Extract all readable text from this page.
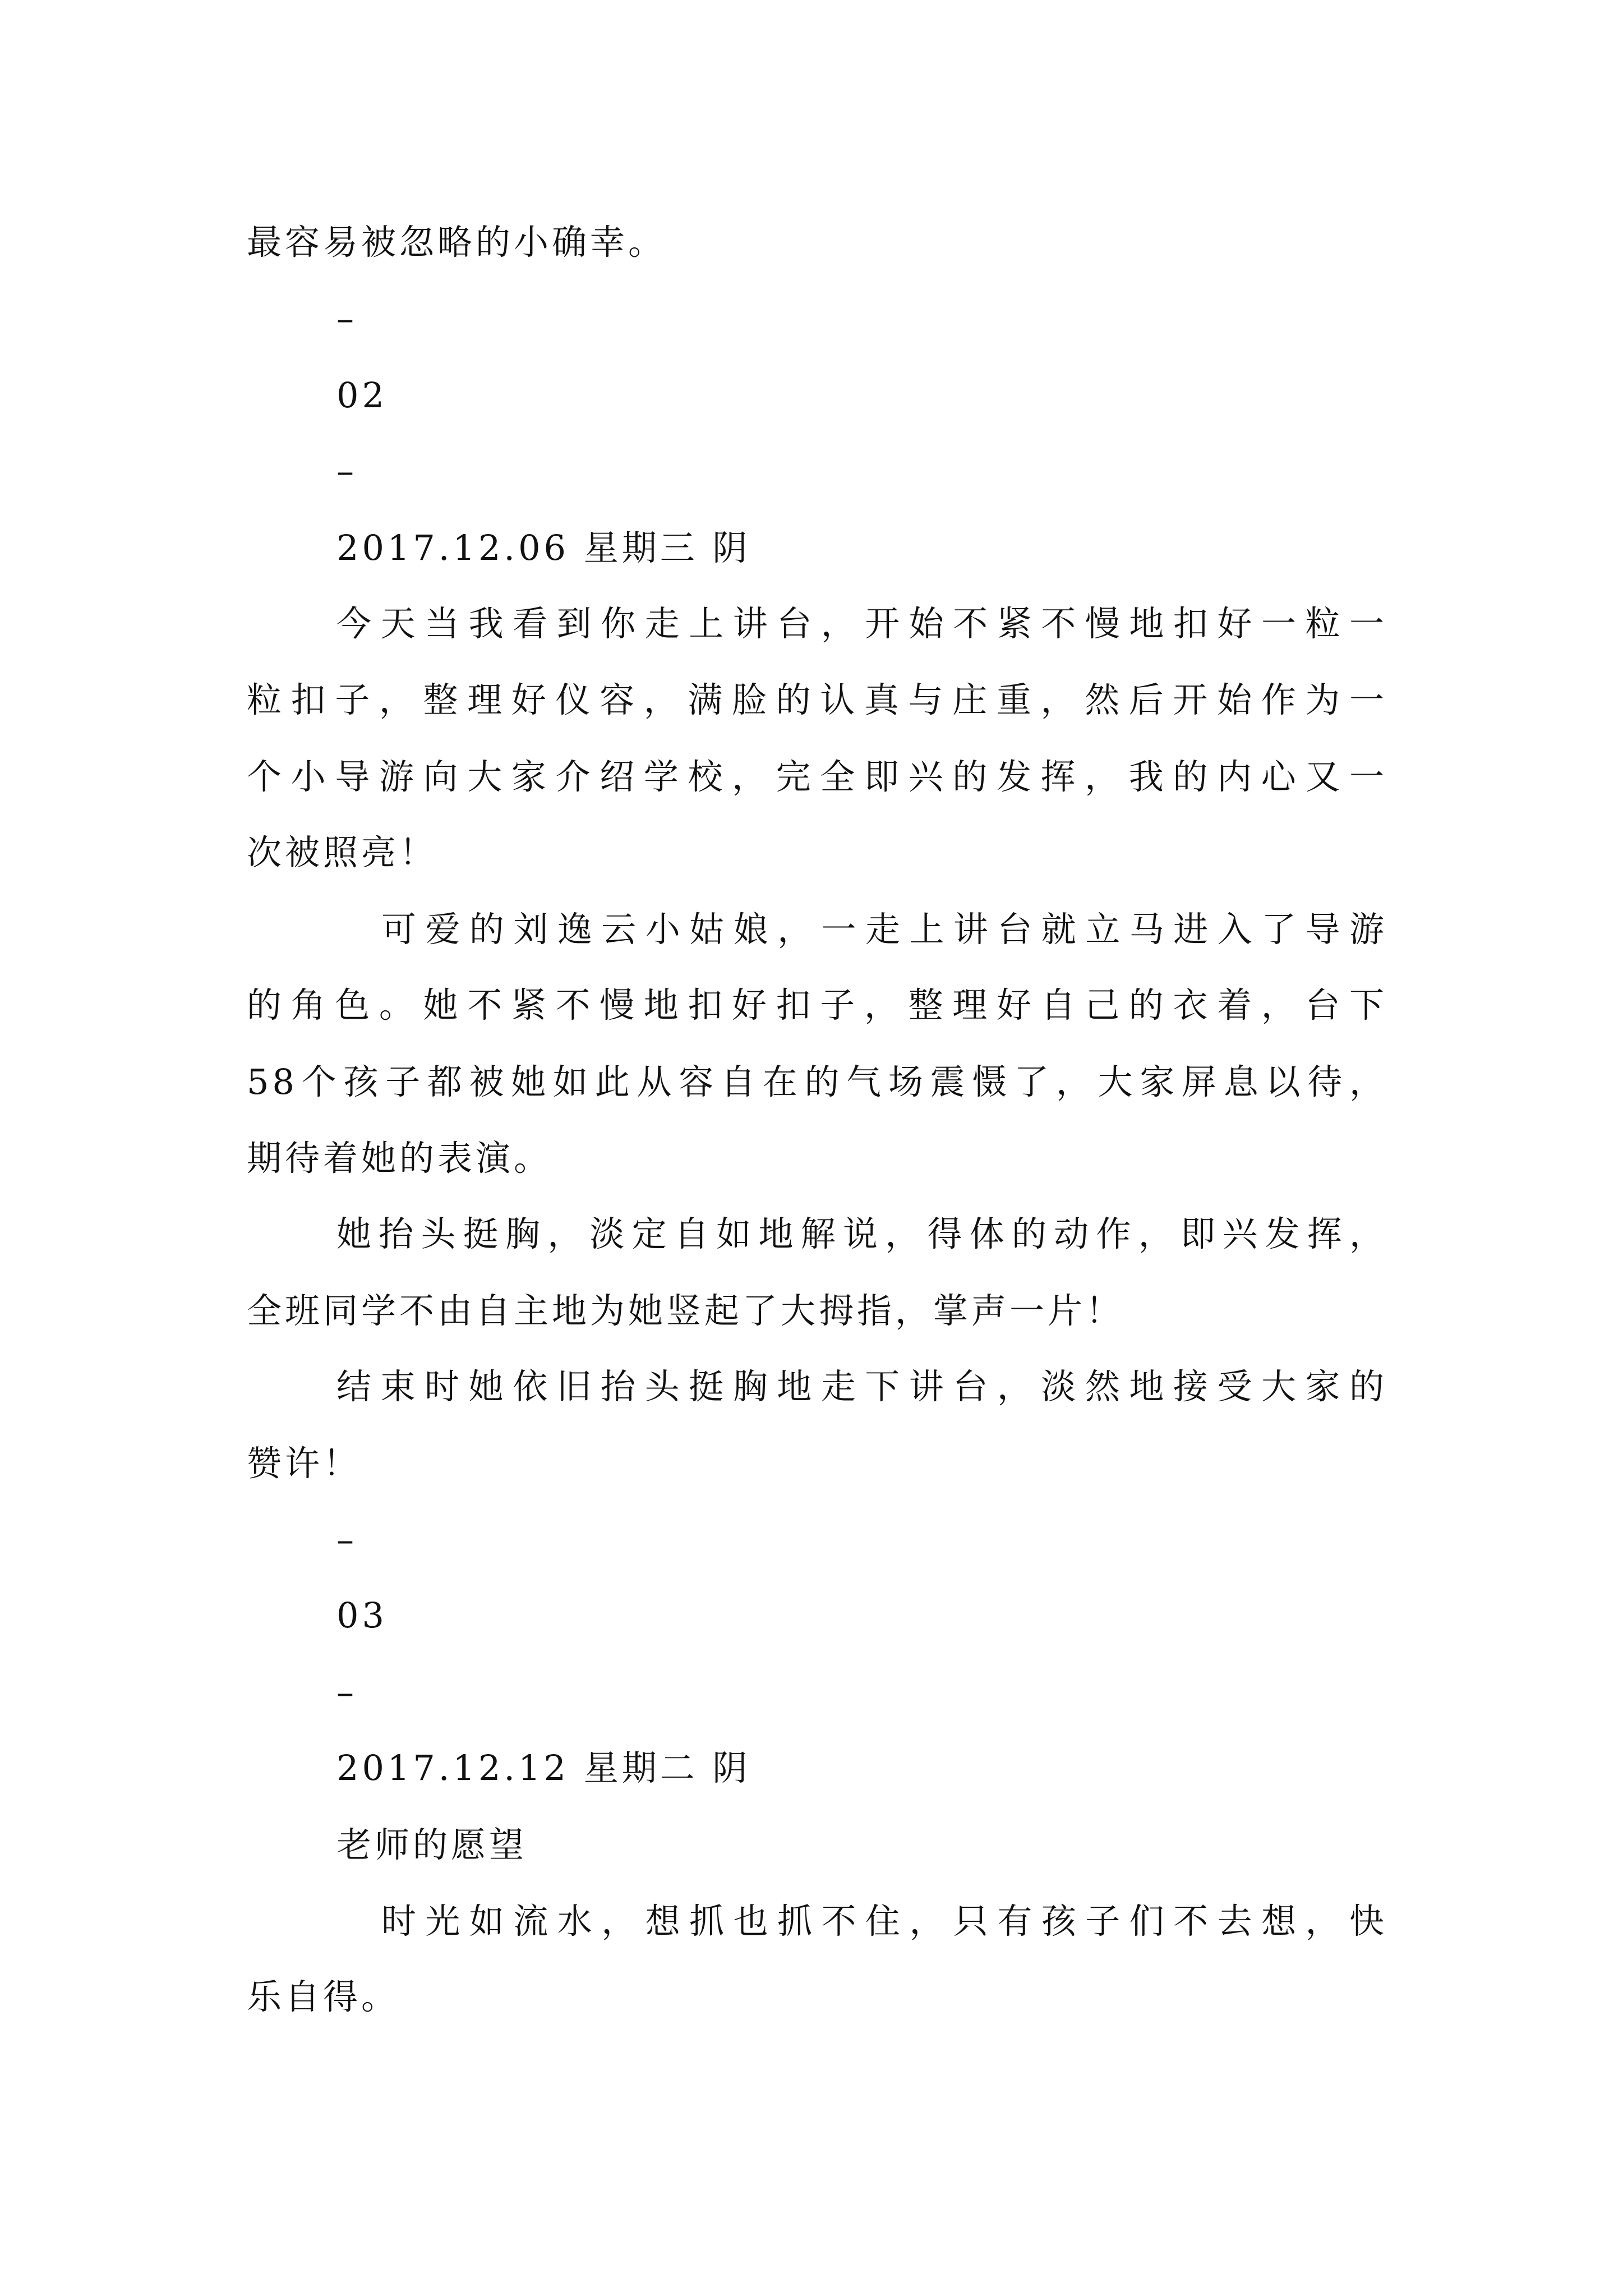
最容易被忽略的小确幸。
–
02
–
2017.12.06 星期三 阴
今天当我看到你走上讲台，开始不紧不慢地扣好一粒一
粒扣子，整理好仪容，满脸的认真与庄重，然后开始作为一
个小导游向大家介绍学校，完全即兴的发挥，我的内心又一
次被照亮！
可爱的刘逸云小姑娘，一走上讲台就立马进入了导游
的角色。她不紧不慢地扣好扣子，整理好自己的衣着，台下
58个孩子都被她如此从容自在的气场震慑了，大家屏息以待，
期待着她的表演。
她抬头挺胸，淡定自如地解说，得体的动作，即兴发挥，
全班同学不由自主地为她竖起了大拇指，掌声一片！
结束时她依旧抬头挺胸地走下讲台，淡然地接受大家的
赞许！
–
03
–
2017.12.12 星期二 阴
老师的愿望
时光如流水，想抓也抓不住，只有孩子们不去想，快
乐自得。
